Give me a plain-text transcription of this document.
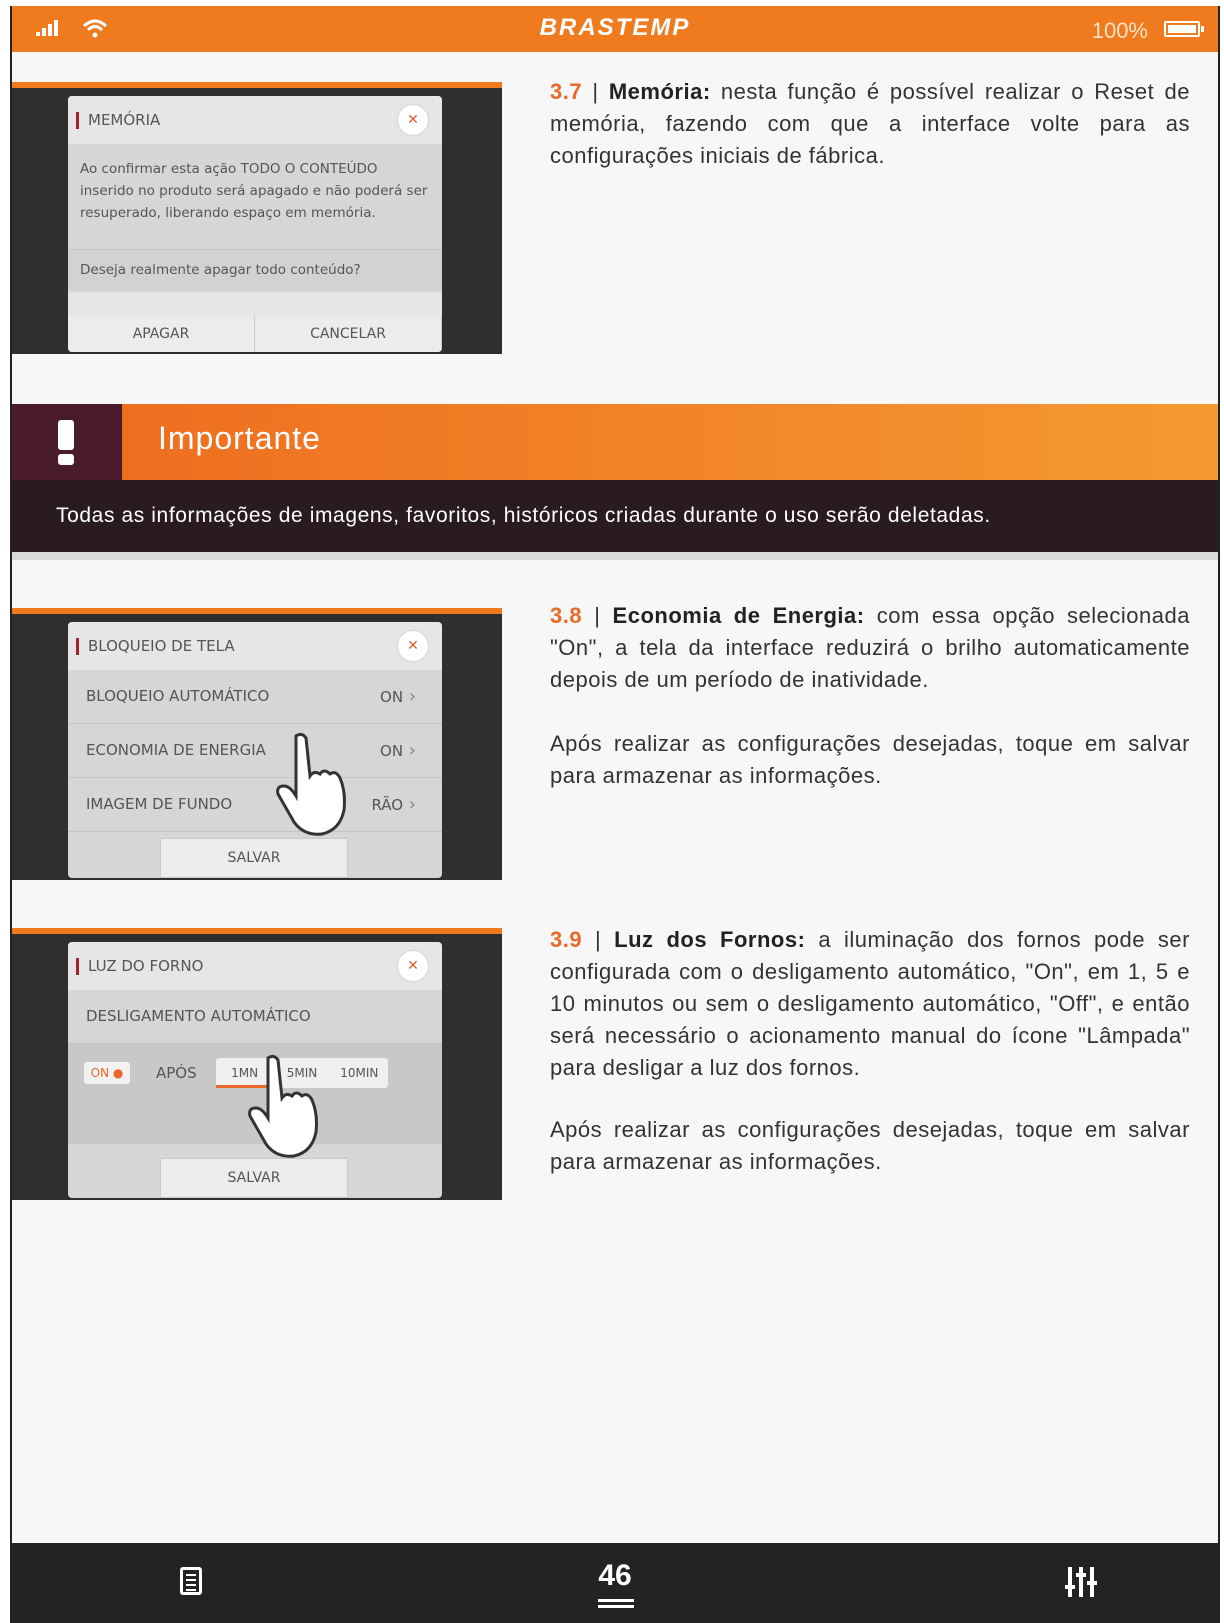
BRASTEMP	100%
MEMÓRIA	✕
Ao confirmar esta ação TODO O CONTEÚDO inserido no produto será apagado e não poderá ser resuperado, liberando espaço em memória.
Deseja realmente apagar todo conteúdo?
APAGAR	CANCELAR
3.7 | Memória: nesta função é possível realizar o Reset de memória, fazendo com que a interface volte para as configurações iniciais de fábrica.
Importante
Todas as informações de imagens, favoritos, históricos criadas durante o uso serão deletadas.
BLOQUEIO DE TELA	✕
BLOQUEIO AUTOMÁTICO	ON ›
ECONOMIA DE ENERGIA	ON ›
IMAGEM DE FUNDO	RÃO ›
SALVAR
3.8 | Economia de Energia: com essa opção selecionada "On", a tela da interface reduzirá o brilho automaticamente depois de um período de inatividade.
Após realizar as configurações desejadas, toque em salvar para armazenar as informações.
LUZ DO FORNO	✕
DESLIGAMENTO AUTOMÁTICO
ON ●	APÓS	1MN	5MIN	10MIN
SALVAR
3.9 | Luz dos Fornos: a iluminação dos fornos pode ser configurada com o desligamento automático, "On", em 1, 5 e 10 minutos ou sem o desligamento automático, "Off", e então será necessário o acionamento manual do ícone "Lâmpada" para desligar a luz dos fornos.
Após realizar as configurações desejadas, toque em salvar para armazenar as informações.
46
